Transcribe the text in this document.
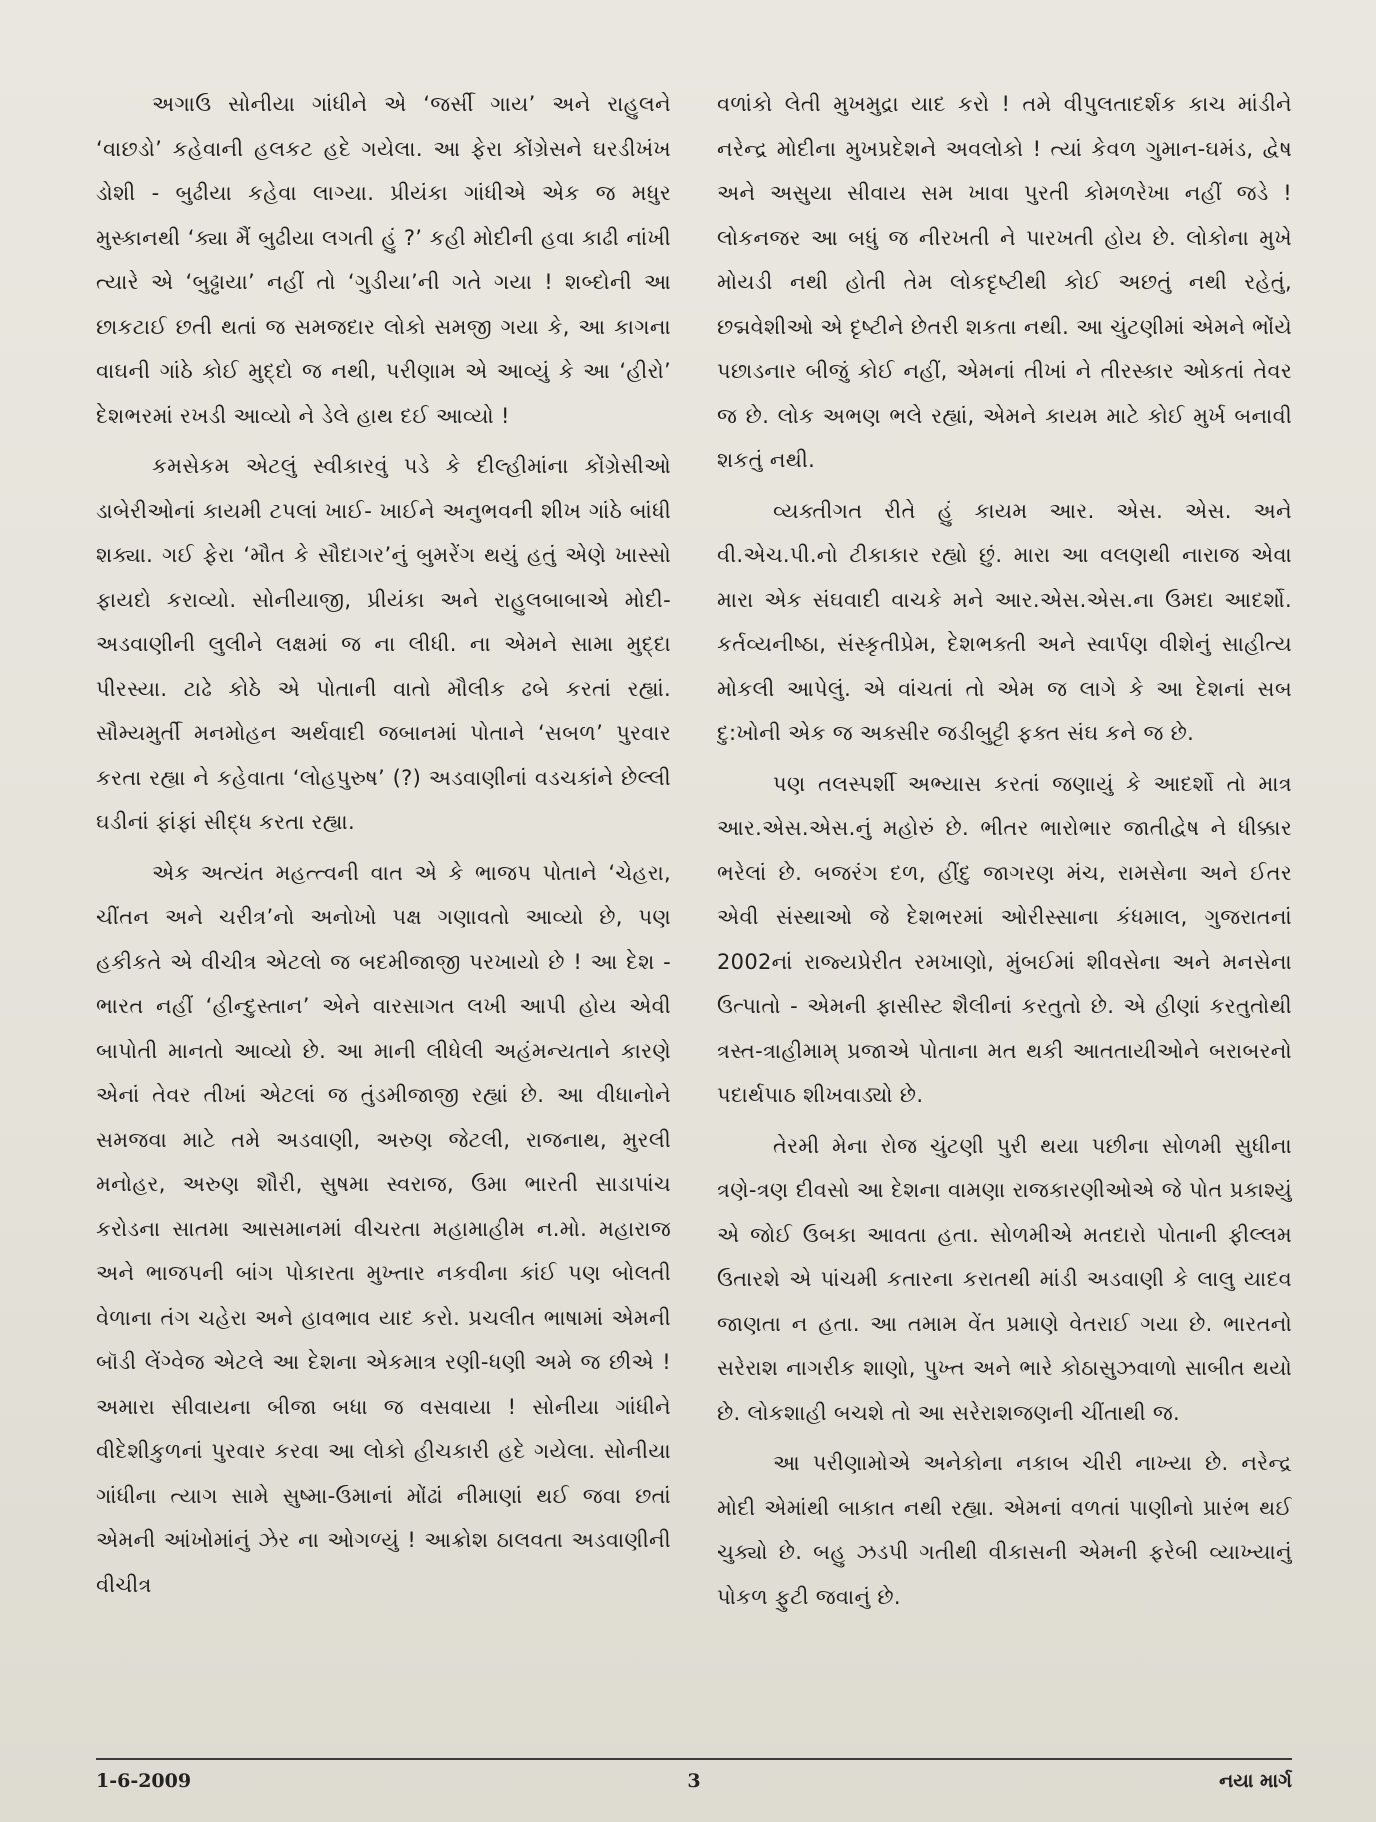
અગાઉ સોનીયા ગાંધીને એ ‘જર્સી ગાય’ અને રાહુલને ‘વાછડો’ કહેવાની હલકટ હદે ગયેલા. આ ફેરા કોંગ્રેસને ઘરડીખંખ ડોશી - બુઢીયા કહેવા લાગ્યા. પ્રીયંકા ગાંધીએ એક જ મધુર મુસ્કાનથી ‘ક્યા મૈં બુઢીયા લગતી હું ?’ કહી મોદીની હવા કાઢી નાંખી ત્યારે એ ‘બુઢ્ઢાયા’ નહીં તો ‘ગુડીયા’ની ગતે ગયા ! શબ્દોની આ છાકટાઈ છતી થતાં જ સમજદાર લોકો સમજી ગયા કે, આ કાગના વાઘની ગાંઠે કોઈ મુદ્દો જ નથી, પરીણામ એ આવ્યું કે આ ‘હીરો’ દેશભરમાં રખડી આવ્યો ને ડેલે હાથ દઈ આવ્યો !

કમસેકમ એટલું સ્વીકારવું પડે કે દીલ્હીમાંના કોંગ્રેસીઓ ડાબેરીઓનાં કાયમી ટપલાં ખાઈ- ખાઈને અનુભવની શીખ ગાંઠે બાંધી શક્યા. ગઈ ફેરા ‘મૌત કે સૌદાગર’નું બુમરેંગ થયું હતું એણે ખાસ્સો ફાયદો કરાવ્યો. સોનીયાજી, પ્રીયંકા અને રાહુલબાબાએ મોદી-અડવાણીની લુલીને લક્ષમાં જ ના લીધી. ના એમને સામા મુદ્દા પીરસ્યા. ટાઢે કોઠે એ પોતાની વાતો મૌલીક ઢબે કરતાં રહ્યાં. સૌમ્યમુર્તી મનમોહન અર્થવાદી જબાનમાં પોતાને ‘સબળ’ પુરવાર કરતા રહ્યા ને કહેવાતા ‘લોહપુરુષ’ (?) અડવાણીનાં વડચકાંને છેલ્લી ઘડીનાં ફાંફાં સીદ્ધ કરતા રહ્યા.

એક અત્યંત મહત્ત્વની વાત એ કે ભાજપ પોતાને ‘ચેહરા, ચીંતન અને ચરીત્ર’નો અનોખો પક્ષ ગણાવતો આવ્યો છે, પણ હકીકતે એ વીચીત્ર એટલો જ બદમીજાજી પરખાયો છે ! આ દેશ - ભારત નહીં ‘હીન્દુસ્તાન’ એને વારસાગત લખી આપી હોય એવી બાપોતી માનતો આવ્યો છે. આ માની લીધેલી અહંમન્યતાને કારણે એનાં તેવર તીખાં એટલાં જ તુંડમીજાજી રહ્યાં છે. આ વીધાનોને સમજવા માટે તમે અડવાણી, અરુણ જેટલી, રાજનાથ, મુરલી મનોહર, અરુણ શૌરી, સુષમા સ્વરાજ, ઉમા ભારતી સાડાપાંચ કરોડના સાતમા આસમાનમાં વીચરતા મહામાહીમ ન.મો. મહારાજ અને ભાજપની બાંગ પોકારતા મુખ્તાર નકવીના કાંઈ પણ બોલતી વેળાના તંગ ચહેરા અને હાવભાવ યાદ કરો. પ્રચલીત ભાષામાં એમની બૉડી લેંગ્વેજ એટલે આ દેશના એકમાત્ર રણી-ધણી અમે જ છીએ ! અમારા સીવાયના બીજા બધા જ વસવાયા ! સોનીયા ગાંધીને વીદેશીકુળનાં પુરવાર કરવા આ લોકો હીચકારી હદે ગયેલા. સોનીયા ગાંધીના ત્યાગ સામે સુષ્મા-ઉમાનાં મોંઢાં નીમાણાં થઈ જવા છતાં એમની આંખોમાંનું ઝેર ના ઓગળ્યું ! આક્રોશ ઠાલવતા અડવાણીની વીચીત્ર

વળાંકો લેતી મુખમુદ્રા યાદ કરો ! તમે વીપુલતાદર્શક કાચ માંડીને નરેન્દ્ર મોદીના મુખપ્રદેશને અવલોકો ! ત્યાં કેવળ ગુમાન-ઘમંડ, દ્વેષ અને અસુયા સીવાય સમ ખાવા પુરતી કોમળરેખા નહીં જડે ! લોકનજર આ બધું જ નીરખતી ને પારખતી હોય છે. લોકોના મુખે મોયડી નથી હોતી તેમ લોકદૃષ્ટીથી કોઈ અછતું નથી રહેતું, છદ્મવેશીઓ એ દૃષ્ટીને છેતરી શકતા નથી. આ ચુંટણીમાં એમને ભોંયે પછાડનાર બીજું કોઈ નહીં, એમનાં તીખાં ને તીરસ્કાર ઓકતાં તેવર જ છે. લોક અભણ ભલે રહ્યાં, એમને કાયમ માટે કોઈ મુર્ખ બનાવી શકતું નથી.

વ્યક્તીગત રીતે હું કાયમ આર. એસ. એસ. અને વી.એચ.પી.નો ટીકાકાર રહ્યો છું. મારા આ વલણથી નારાજ એવા મારા એક સંઘવાદી વાચકે મને આર.એસ.એસ.ના ઉમદા આદર્શો. કર્તવ્યનીષ્ઠા, સંસ્કૃતીપ્રેમ, દેશભક્તી અને સ્વાર્પણ વીશેનું સાહીત્ય મોકલી આપેલું. એ વાંચતાં તો એમ જ લાગે કે આ દેશનાં સબ દુ:ખોની એક જ અક્સીર જડીબુટ્ટી ફક્ત સંઘ કને જ છે.

પણ તલસ્પર્શી અભ્યાસ કરતાં જણાયું કે આદર્શો તો માત્ર આર.એસ.એસ.નું મહોરું છે. ભીતર ભારોભાર જાતીદ્વેષ ને ધીક્કાર ભરેલાં છે. બજરંગ દળ, હીંદુ જાગરણ મંચ, રામસેના અને ઈતર એવી સંસ્થાઓ જે દેશભરમાં ઓરીસ્સાના કંધમાલ, ગુજરાતનાં 2002નાં રાજ્યપ્રેરીત રમખાણો, મુંબઈમાં શીવસેના અને મનસેના ઉત્પાતો - એમની ફાસીસ્ટ શૈલીનાં કરતુતો છે. એ હીણાં કરતુતોથી ત્રસ્ત-ત્રાહીમામ્ પ્રજાએ પોતાના મત થકી આતતાયીઓને બરાબરનો પદાર્થપાઠ શીખવાડ્યો છે.

તેરમી મેના રોજ ચુંટણી પુરી થયા પછીના સોળમી સુધીના ત્રણે-ત્રણ દીવસો આ દેશના વામણા રાજકારણીઓએ જે પોત પ્રકાશ્યું એ જોઈ ઉબકા આવતા હતા. સોળમીએ મતદારો પોતાની ફીલ્લમ ઉતારશે એ પાંચમી કતારના કરાતથી માંડી અડવાણી કે લાલુ યાદવ જાણતા ન હતા. આ તમામ વેંત પ્રમાણે વેતરાઈ ગયા છે. ભારતનો સરેરાશ નાગરીક શાણો, પુખ્ત અને ભારે કોઠાસુઝવાળો સાબીત થયો છે. લોકશાહી બચશે તો આ સરેરાશજણની ચીંતાથી જ.

આ પરીણામોએ અનેકોના નકાબ ચીરી નાખ્યા છે. નરેન્દ્ર મોદી એમાંથી બાકાત નથી રહ્યા. એમનાં વળતાં પાણીનો પ્રારંભ થઈ ચુક્યો છે. બહુ ઝડપી ગતીથી વીકાસની એમની ફરેબી વ્યાખ્યાનું પોકળ ફુટી જવાનું છે.

1-6-2009	3	નયા માર્ગ
